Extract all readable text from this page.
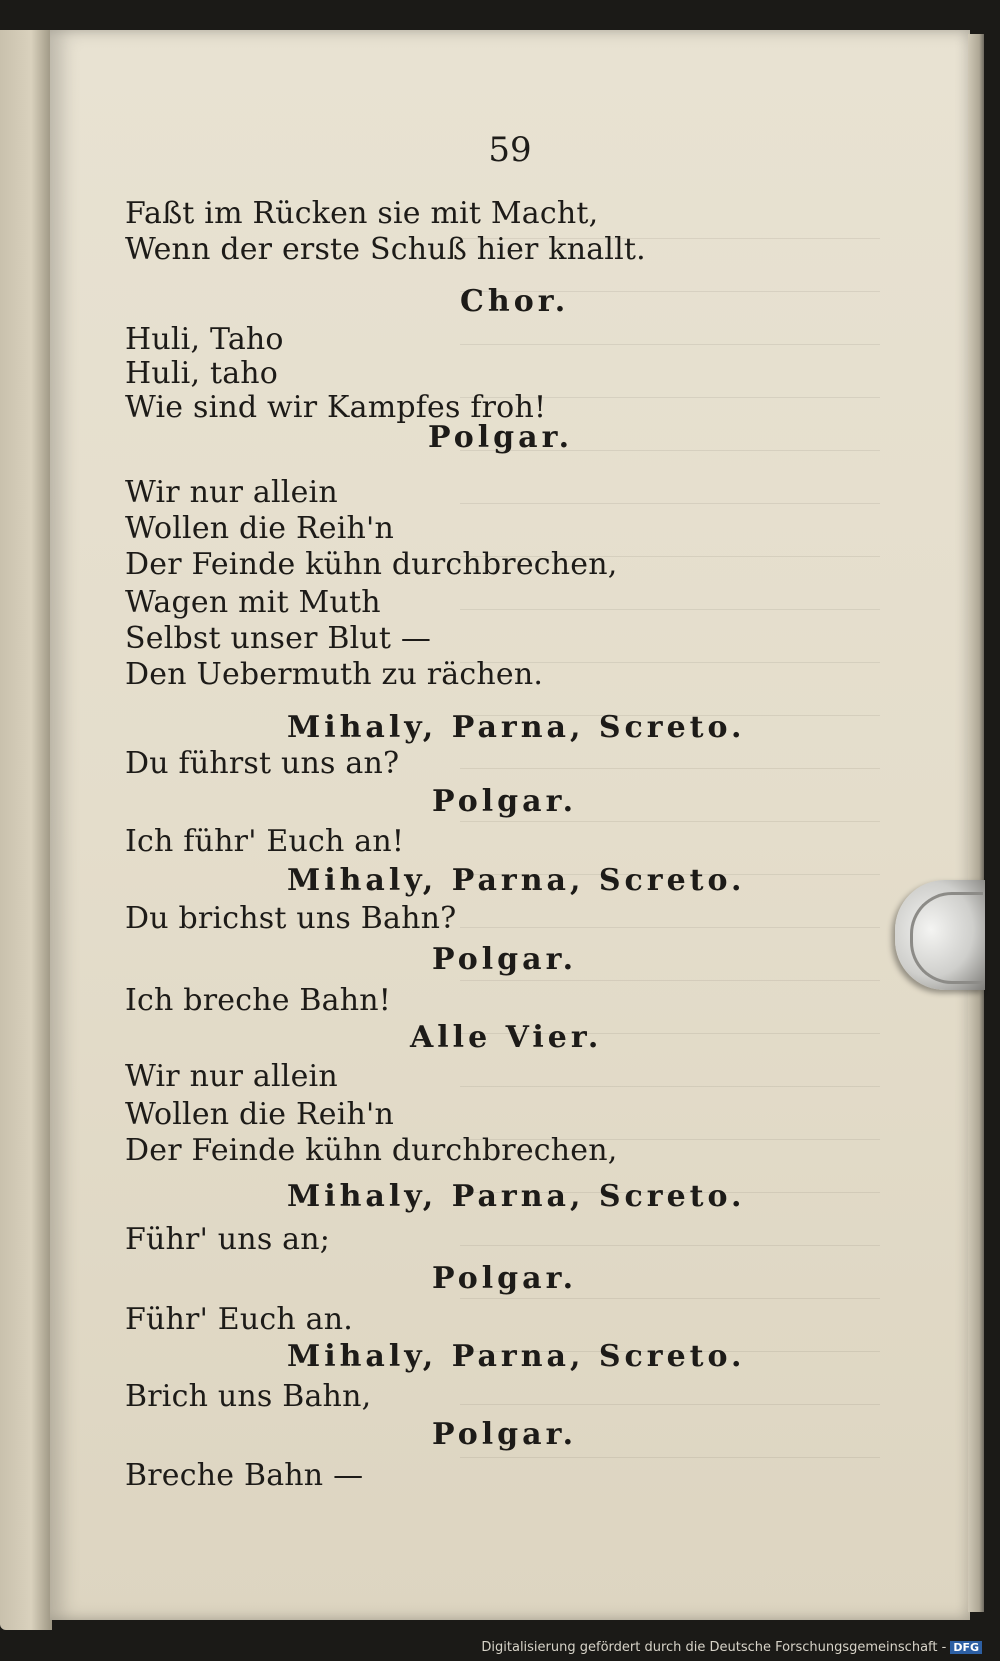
59
Faßt im Rücken sie mit Macht,
Wenn der erste Schuß hier knallt.
Chor.
Huli, Taho
Huli, taho
Wie sind wir Kampfes froh!
Polgar.
Wir nur allein
Wollen die Reih'n
Der Feinde kühn durchbrechen,
Wagen mit Muth
Selbst unser Blut —
Den Uebermuth zu rächen.
Mihaly, Parna, Screto.
Du führst uns an?
Polgar.
Ich führ' Euch an!
Mihaly, Parna, Screto.
Du brichst uns Bahn?
Polgar.
Ich breche Bahn!
Alle Vier.
Wir nur allein
Wollen die Reih'n
Der Feinde kühn durchbrechen,
Mihaly, Parna, Screto.
Führ' uns an;
Polgar.
Führ' Euch an.
Mihaly, Parna, Screto.
Brich uns Bahn,
Polgar.
Breche Bahn —
Digitalisierung gefördert durch die Deutsche Forschungsgemeinschaft - DFG
